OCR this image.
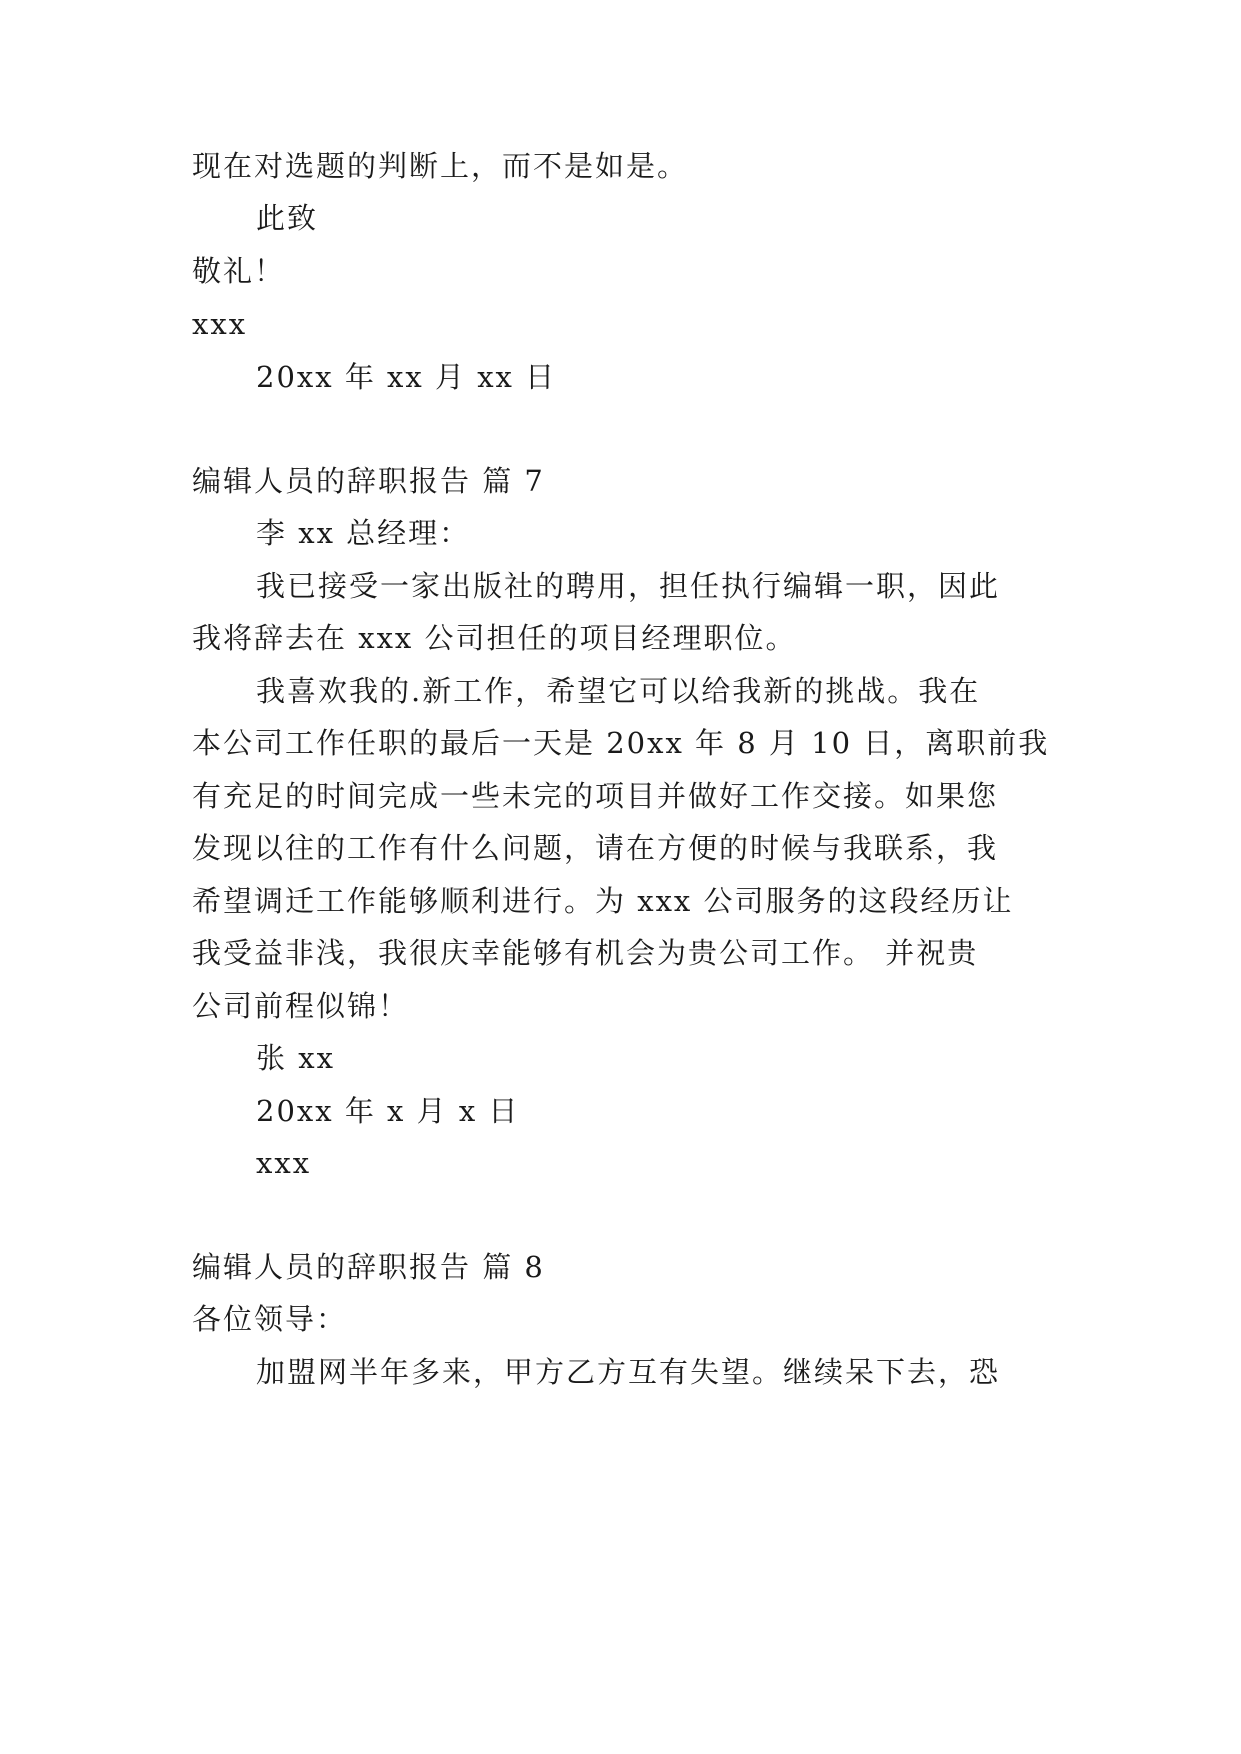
现在对选题的判断上，而不是如是。
此致
敬礼！
xxx
20xx 年 xx 月 xx 日
编辑人员的辞职报告 篇 7
李 xx 总经理：
我已接受一家出版社的聘用，担任执行编辑一职，因此
我将辞去在 xxx 公司担任的项目经理职位。
我喜欢我的.新工作，希望它可以给我新的挑战。我在
本公司工作任职的最后一天是 20xx 年 8 月 10 日，离职前我
有充足的时间完成一些未完的项目并做好工作交接。如果您
发现以往的工作有什么问题，请在方便的时候与我联系，我
希望调迁工作能够顺利进行。为 xxx 公司服务的这段经历让
我受益非浅，我很庆幸能够有机会为贵公司工作。 并祝贵
公司前程似锦！
张 xx
20xx 年 x 月 x 日
xxx
编辑人员的辞职报告 篇 8
各位领导：
加盟网半年多来，甲方乙方互有失望。继续呆下去，恐
